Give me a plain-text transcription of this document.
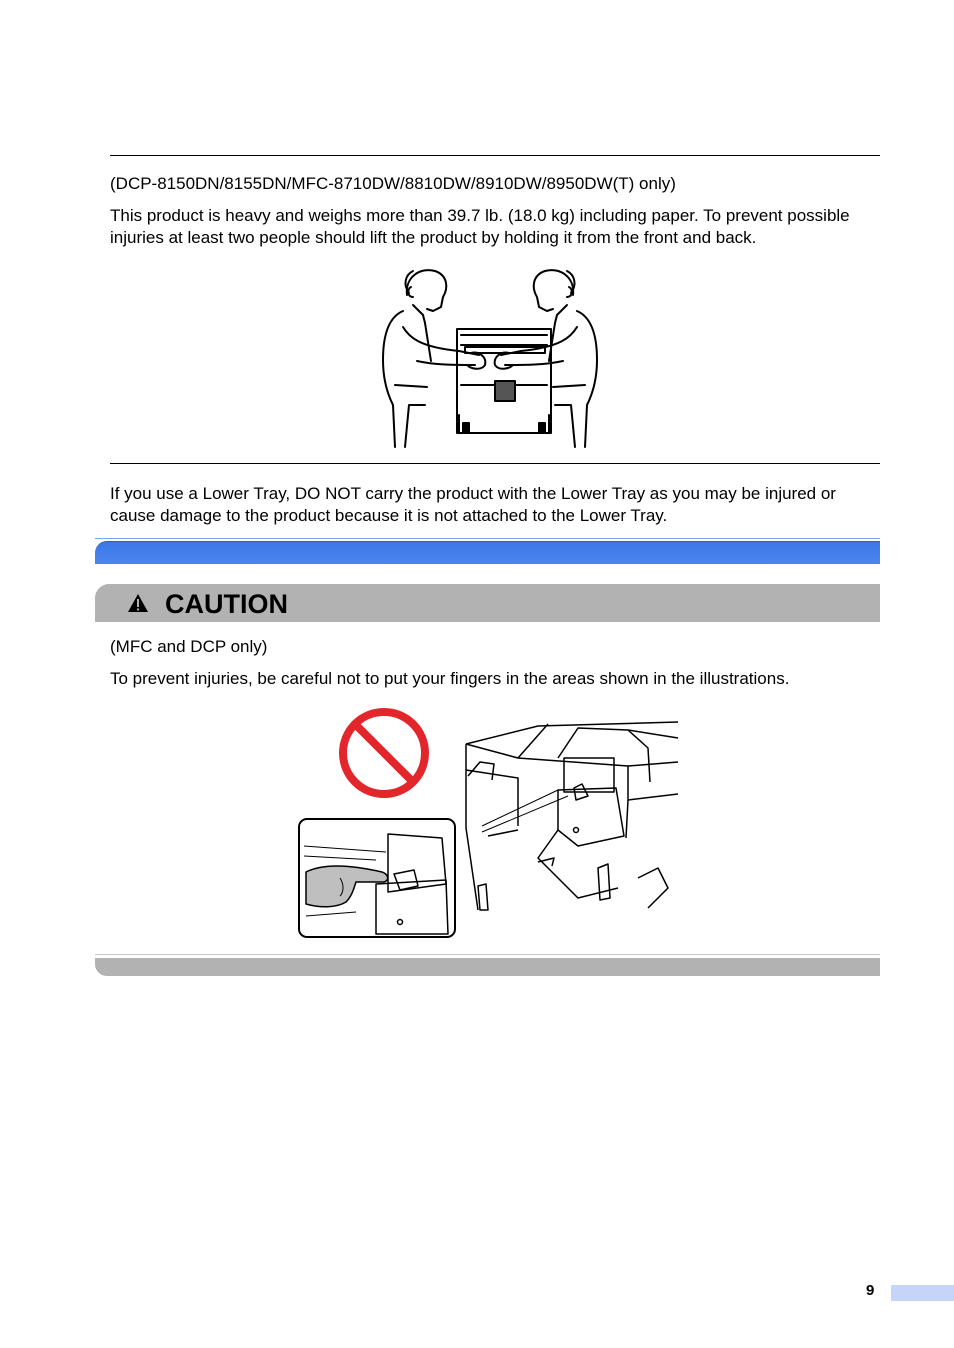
(DCP-8150DN/8155DN/MFC-8710DW/8810DW/8910DW/8950DW(T) only)

This product is heavy and weighs more than 39.7 lb. (18.0 kg) including paper. To prevent possible injuries at least two people should lift the product by holding it from the front and back.

If you use a Lower Tray, DO NOT carry the product with the Lower Tray as you may be injured or cause damage to the product because it is not attached to the Lower Tray.

CAUTION

(MFC and DCP only)

To prevent injuries, be careful not to put your fingers in the areas shown in the illustrations.

9
